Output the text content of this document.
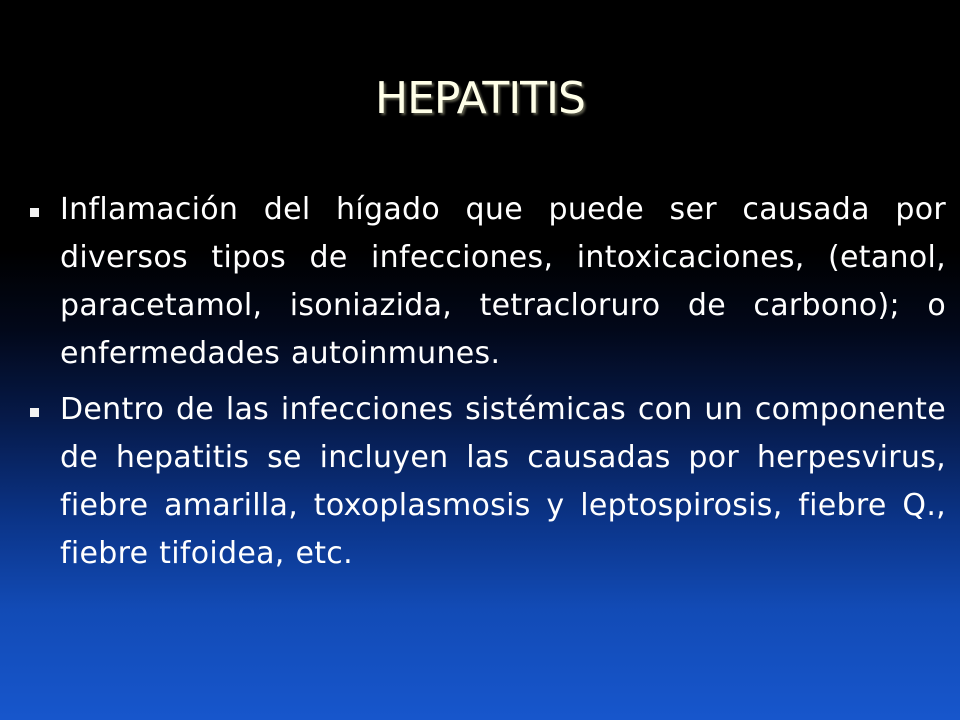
HEPATITIS
Inflamación del hígado que puede ser causada por diversos tipos de infecciones, intoxicaciones, (etanol, paracetamol, isoniazida, tetracloruro de carbono); o enfermedades autoinmunes.
Dentro de las infecciones sistémicas con un componente de hepatitis se incluyen las causadas por herpesvirus, fiebre amarilla, toxoplasmosis y leptospirosis, fiebre Q., fiebre tifoidea, etc.
